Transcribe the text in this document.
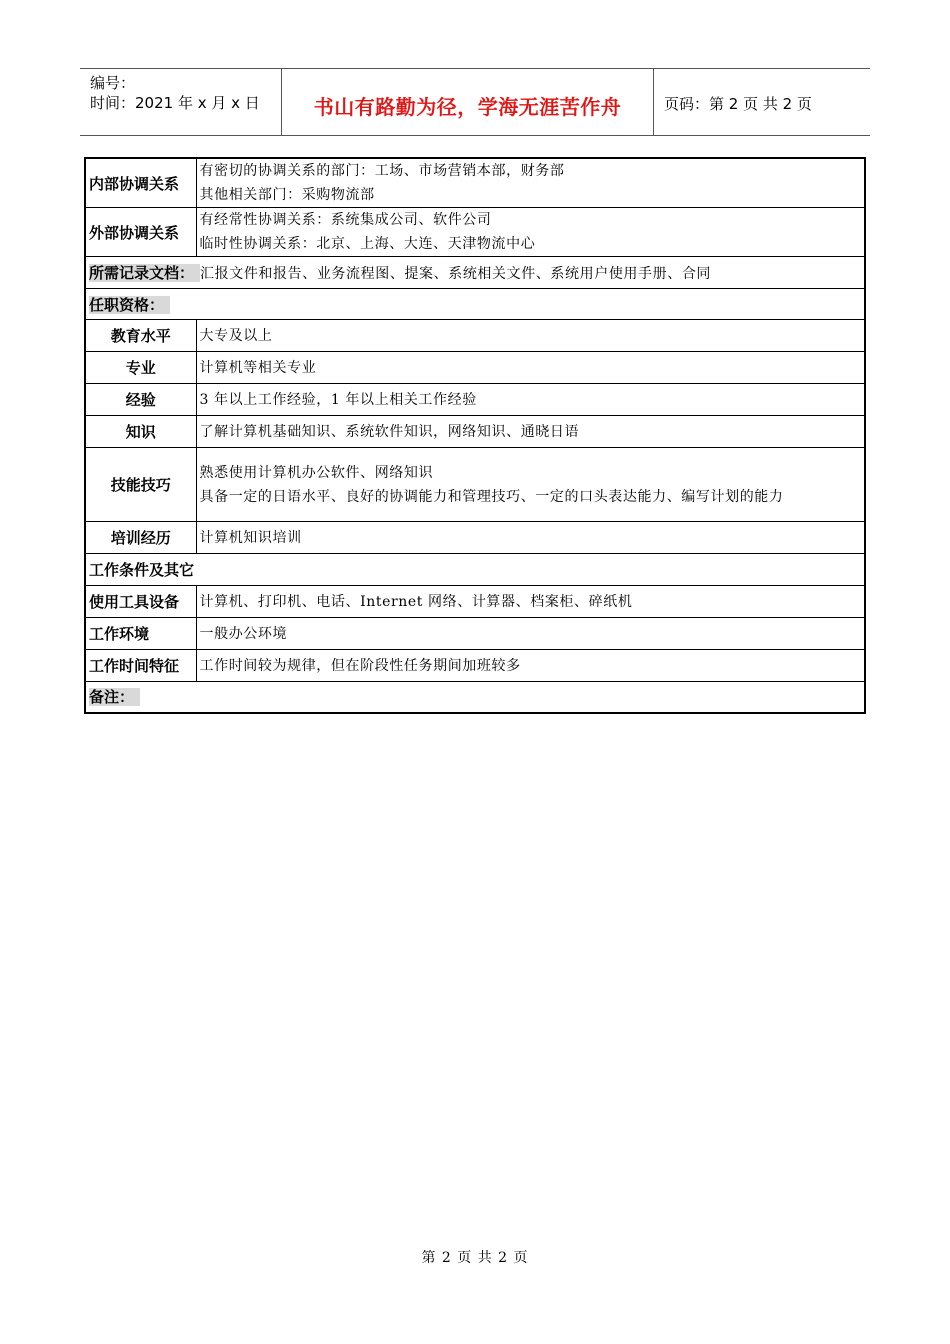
编号：
时间：2021 年 x 月 x 日	书山有路勤为径，学海无涯苦作舟	页码：第 2 页 共 2 页
内部协调关系	有密切的协调关系的部门：工场、市场营销本部，财务部
其他相关部门：采购物流部

外部协调关系	有经常性协调关系：系统集成公司、软件公司
临时性协调关系：北京、上海、大连、天津物流中心

所需记录文档： 汇报文件和报告、业务流程图、提案、系统相关文件、系统用户使用手册、合同	
任职资格：	
教育水平	大专及以上
专业	计算机等相关专业
经验	3 年以上工作经验，1 年以上相关工作经验
知识	了解计算机基础知识、系统软件知识，网络知识、通晓日语
技能技巧	熟悉使用计算机办公软件、网络知识
具备一定的日语水平、良好的协调能力和管理技巧、一定的口头表达能力、编写计划的能力

培训经历	计算机知识培训
工作条件及其它	
使用工具设备	计算机、打印机、电话、Internet 网络、计算器、档案柜、碎纸机
工作环境	一般办公环境
工作时间特征	工作时间较为规律，但在阶段性任务期间加班较多
备注：	
第 2 页 共 2 页
